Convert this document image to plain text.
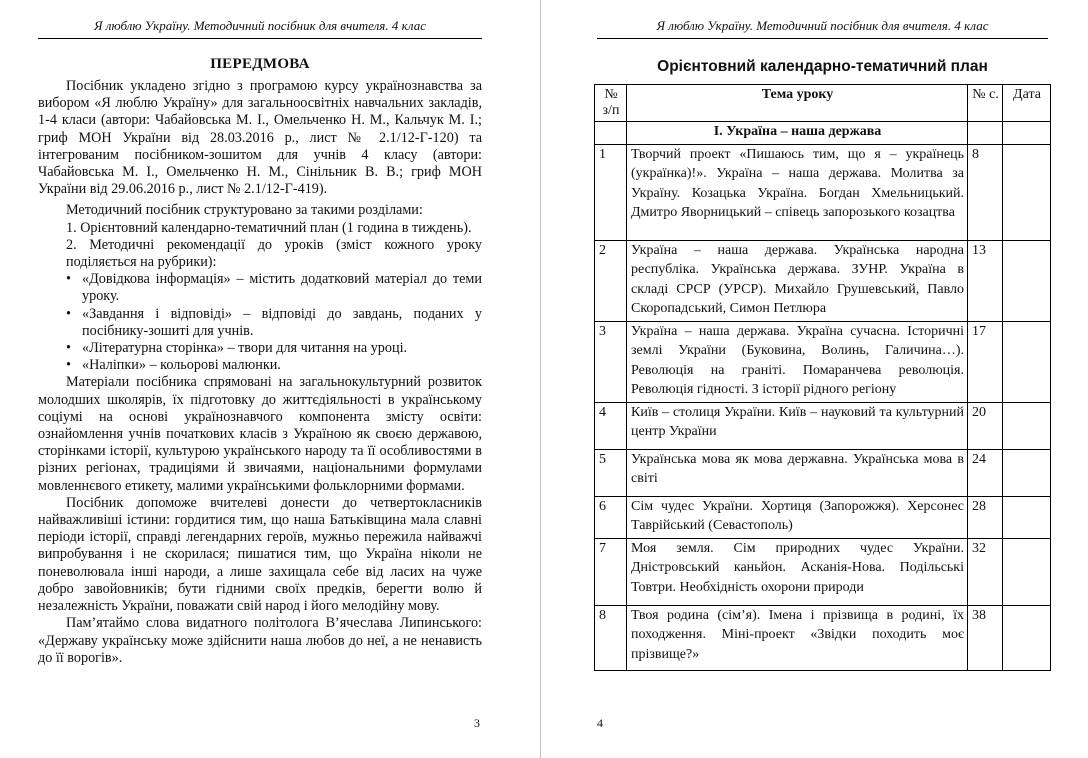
Я люблю Україну. Методичний посібник для вчителя. 4 клас
ПЕРЕДМОВА

Посібник укладено згідно з програмою курсу українознавства за вибором «Я люблю Україну» для загальноосвітніх навчальних закладів, 1-4 класи (автори: Чабайовська М. І., Омельченко Н. М., Кальчук М. І.; гриф МОН України від 28.03.2016 р., лист № 2.1/12-Г-120) та інтегрованим посібником-зошитом для учнів 4 класу (автори: Чабайовська М. І., Омельченко Н. М., Сінільник В. В.; гриф МОН України від 29.06.2016 р., лист № 2.1/12-Г-419).

Методичний посібник структуровано за такими розділами:

1. Орієнтовний календарно-тематичний план (1 година в тиждень).

2. Методичні рекомендації до уроків (зміст кожного уроку поділяється на рубрики):

• «Довідкова інформація» – містить додатковий матеріал до теми уроку.

• «Завдання і відповіді» – відповіді до завдань, поданих у посібнику-зошиті для учнів.

• «Літературна сторінка» – твори для читання на уроці.

• «Наліпки» – кольорові малюнки.

Матеріали посібника спрямовані на загальнокультурний розвиток молодших школярів, їх підготовку до життєдіяльності в українському соціумі на основі українознавчого компонента змісту освіти: ознайомлення учнів початкових класів з Україною як своєю державою, сторінками історії, культурою українського народу та її особливостями в різних регіонах, традиціями й звичаями, національними формулами мовленнєвого етикету, малими українськими фольклорними формами.

Посібник допоможе вчителеві донести до четвертокласників найважливіші істини: гордитися тим, що наша Батьківщина мала славні періоди історії, справді легендарних героїв, мужньо пережила найважчі випробування і не скорилася; пишатися тим, що Україна ніколи не поневолювала інші народи, а лише захищала себе від ласих на чуже добро завойовників; бути гідними своїх предків, берегти волю й незалежність України, поважати свій народ і його мелодійну мову.

Пам’ятаймо слова видатного політолога В’ячеслава Липинського: «Державу українську може здійснити наша любов до неї, а не ненависть до її ворогів».

3
Я люблю Україну. Методичний посібник для вчителя. 4 клас
Орієнтовний календарно-тематичний план
№ з/п	Тема уроку	№ с.	Дата
	І. Україна – наша держава		
1	Творчий проект «Пишаюсь тим, що я – українець (українка)!». Україна – наша держава. Молитва за Україну. Козацька Україна. Богдан Хмельницький. Дмитро Яворницький – співець запорозького козацтва	8	
2	Україна – наша держава. Українська народна республіка. Українська держава. ЗУНР. Україна в складі СРСР (УРСР). Михайло Грушевський, Павло Скоропадський, Симон Петлюра	13	
3	Україна – наша держава. Україна сучасна. Історичні землі України (Буковина, Волинь, Галичина…). Революція на граніті. Помаранчева революція. Революція гідності. З історії рідного регіону	17	
4	Київ – столиця України. Київ – науковий та культурний центр України	20	
5	Українська мова як мова державна. Українська мова в світі	24	
6	Сім чудес України. Хортиця (Запорожжя). Херсонес Таврійський (Севастополь)	28	
7	Моя земля. Сім природних чудес України. Дністровський каньйон. Асканія-Нова. Подільські Товтри. Необхідність охорони природи	32	
8	Твоя родина (сім’я). Імена і прізвища в родині, їх походження. Міні-проект «Звідки походить моє прізвище?»	38	
4
